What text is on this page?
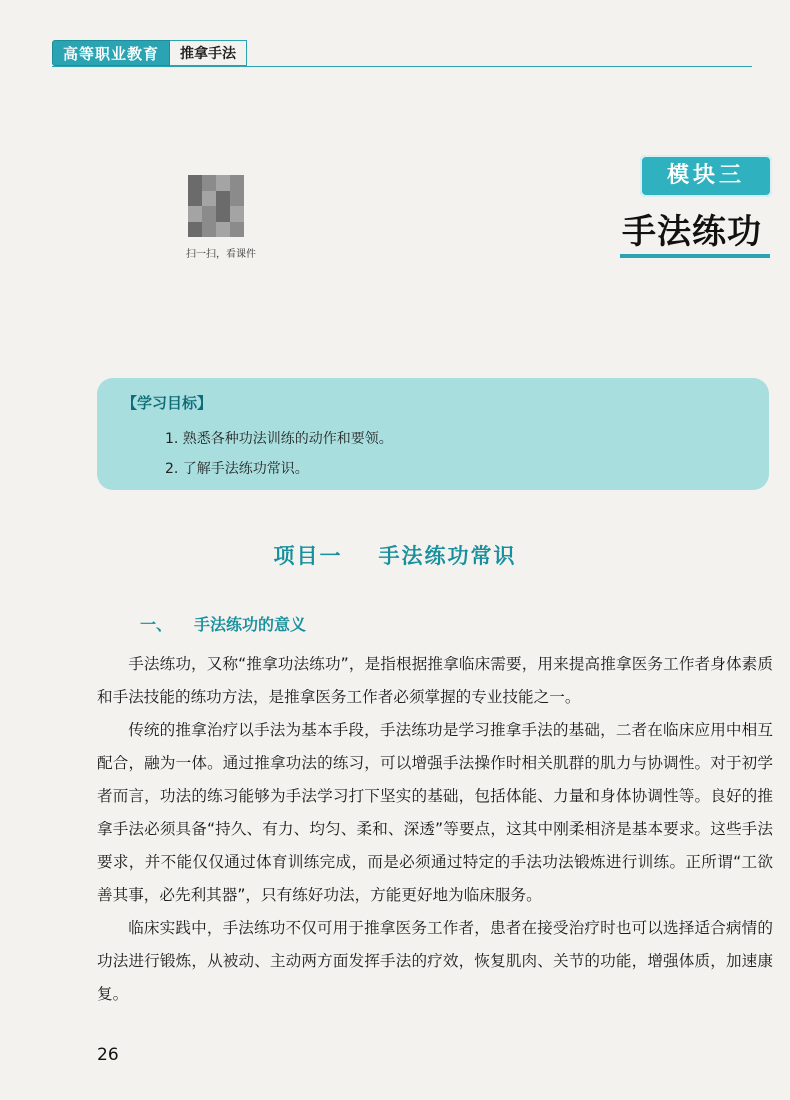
高等职业教育	推拿手法
扫一扫，看课件
模块三
手法练功
【学习目标】
1. 熟悉各种功法训练的动作和要领。
2. 了解手法练功常识。
项目一 手法练功常识
一、 手法练功的意义

手法练功，又称“推拿功法练功”，是指根据推拿临床需要，用来提高推拿医务工作者身体素质和手法技能的练功方法，是推拿医务工作者必须掌握的专业技能之一。

传统的推拿治疗以手法为基本手段，手法练功是学习推拿手法的基础，二者在临床应用中相互配合，融为一体。通过推拿功法的练习，可以增强手法操作时相关肌群的肌力与协调性。对于初学者而言，功法的练习能够为手法学习打下坚实的基础，包括体能、力量和身体协调性等。良好的推拿手法必须具备“持久、有力、均匀、柔和、深透”等要点，这其中刚柔相济是基本要求。这些手法要求，并不能仅仅通过体育训练完成，而是必须通过特定的手法功法锻炼进行训练。正所谓“工欲善其事，必先利其器”，只有练好功法，方能更好地为临床服务。

临床实践中，手法练功不仅可用于推拿医务工作者，患者在接受治疗时也可以选择适合病情的功法进行锻炼，从被动、主动两方面发挥手法的疗效，恢复肌肉、关节的功能，增强体质，加速康复。

26
